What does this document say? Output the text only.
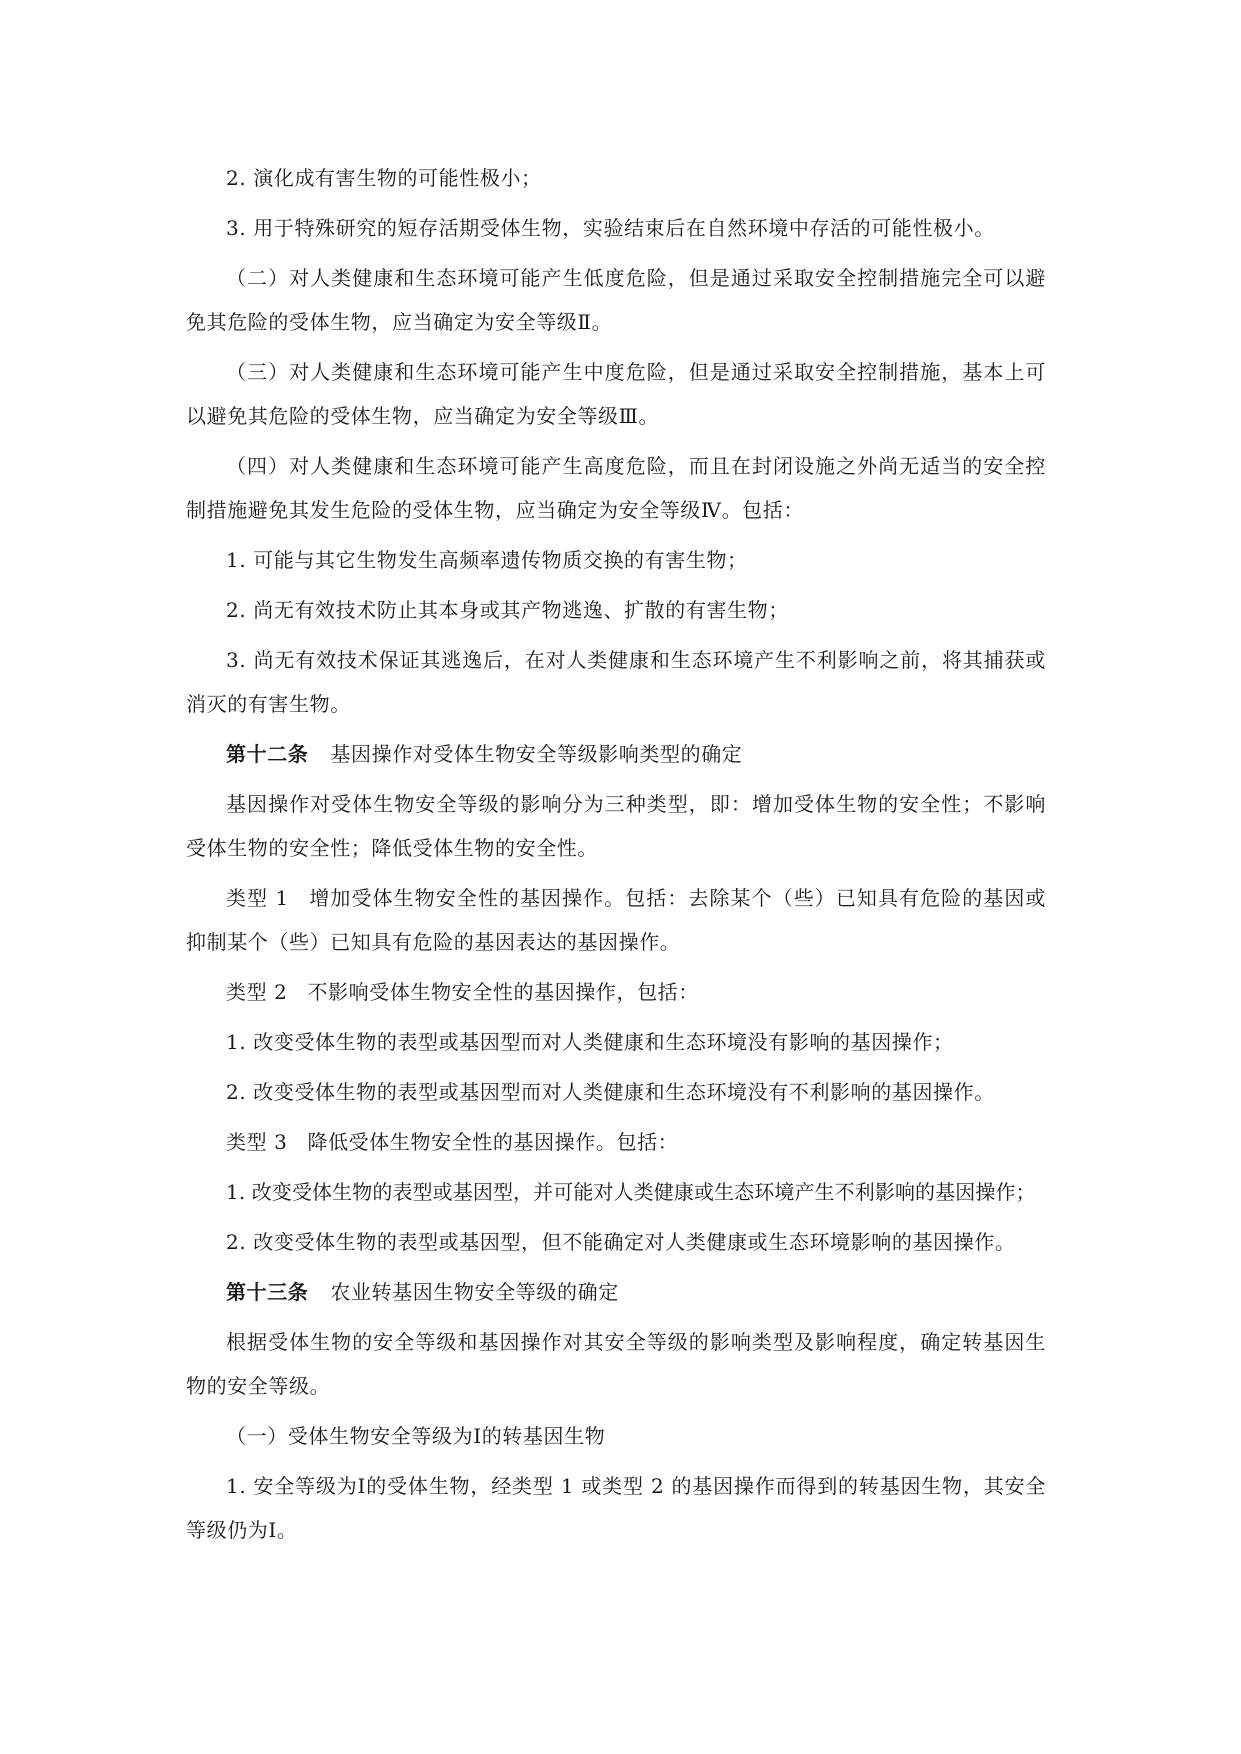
2. 演化成有害生物的可能性极小；

3. 用于特殊研究的短存活期受体生物，实验结束后在自然环境中存活的可能性极小。

（二）对人类健康和生态环境可能产生低度危险，但是通过采取安全控制措施完全可以避免其危险的受体生物，应当确定为安全等级Ⅱ。

（三）对人类健康和生态环境可能产生中度危险，但是通过采取安全控制措施，基本上可以避免其危险的受体生物，应当确定为安全等级Ⅲ。

（四）对人类健康和生态环境可能产生高度危险，而且在封闭设施之外尚无适当的安全控制措施避免其发生危险的受体生物，应当确定为安全等级Ⅳ。包括：

1. 可能与其它生物发生高频率遗传物质交换的有害生物；

2. 尚无有效技术防止其本身或其产物逃逸、扩散的有害生物；

3. 尚无有效技术保证其逃逸后，在对人类健康和生态环境产生不利影响之前，将其捕获或消灭的有害生物。

第十二条 基因操作对受体生物安全等级影响类型的确定

基因操作对受体生物安全等级的影响分为三种类型，即：增加受体生物的安全性；不影响受体生物的安全性；降低受体生物的安全性。

类型 1 增加受体生物安全性的基因操作。包括：去除某个（些）已知具有危险的基因或抑制某个（些）已知具有危险的基因表达的基因操作。

类型 2 不影响受体生物安全性的基因操作，包括：

1. 改变受体生物的表型或基因型而对人类健康和生态环境没有影响的基因操作；

2. 改变受体生物的表型或基因型而对人类健康和生态环境没有不利影响的基因操作。

类型 3 降低受体生物安全性的基因操作。包括：

1. 改变受体生物的表型或基因型，并可能对人类健康或生态环境产生不利影响的基因操作；

2. 改变受体生物的表型或基因型，但不能确定对人类健康或生态环境影响的基因操作。

第十三条 农业转基因生物安全等级的确定

根据受体生物的安全等级和基因操作对其安全等级的影响类型及影响程度，确定转基因生物的安全等级。

（一）受体生物安全等级为Ⅰ的转基因生物

1. 安全等级为Ⅰ的受体生物，经类型 1 或类型 2 的基因操作而得到的转基因生物，其安全等级仍为Ⅰ。
